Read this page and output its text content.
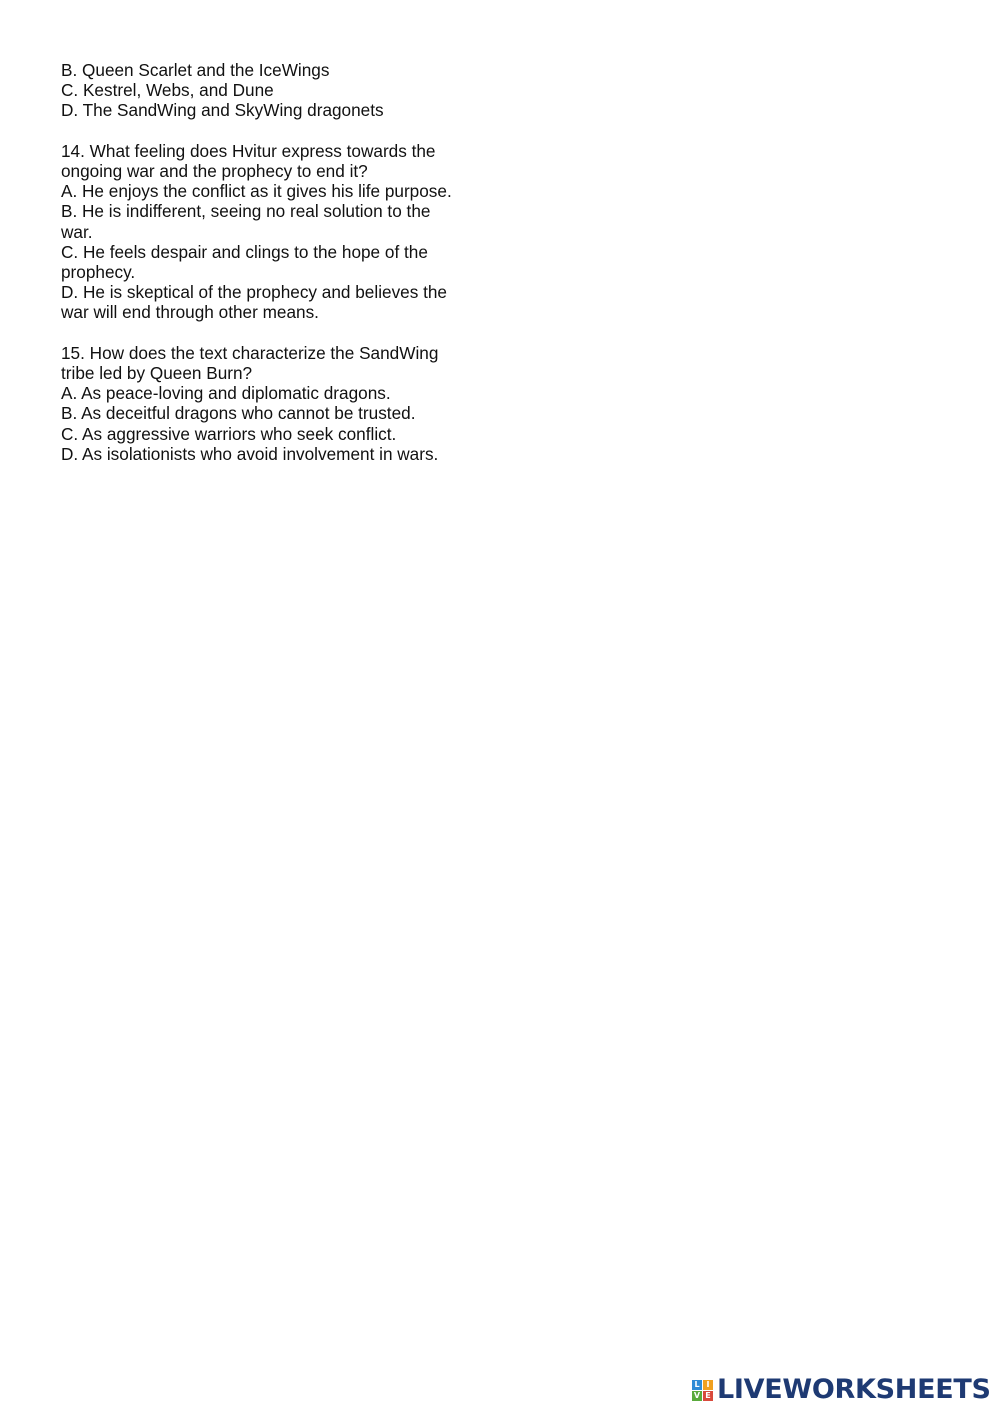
B. Queen Scarlet and the IceWings
C. Kestrel, Webs, and Dune
D. The SandWing and SkyWing dragonets
14. What feeling does Hvitur express towards the
ongoing war and the prophecy to end it?
A. He enjoys the conflict as it gives his life purpose.
B. He is indifferent, seeing no real solution to the
war.
C. He feels despair and clings to the hope of the
prophecy.
D. He is skeptical of the prophecy and believes the
war will end through other means.
15. How does the text characterize the SandWing
tribe led by Queen Burn?
A. As peace-loving and diplomatic dragons.
B. As deceitful dragons who cannot be trusted.
C. As aggressive warriors who seek conflict.
D. As isolationists who avoid involvement in wars.
L I
V E LIVEWORKSHEETS
